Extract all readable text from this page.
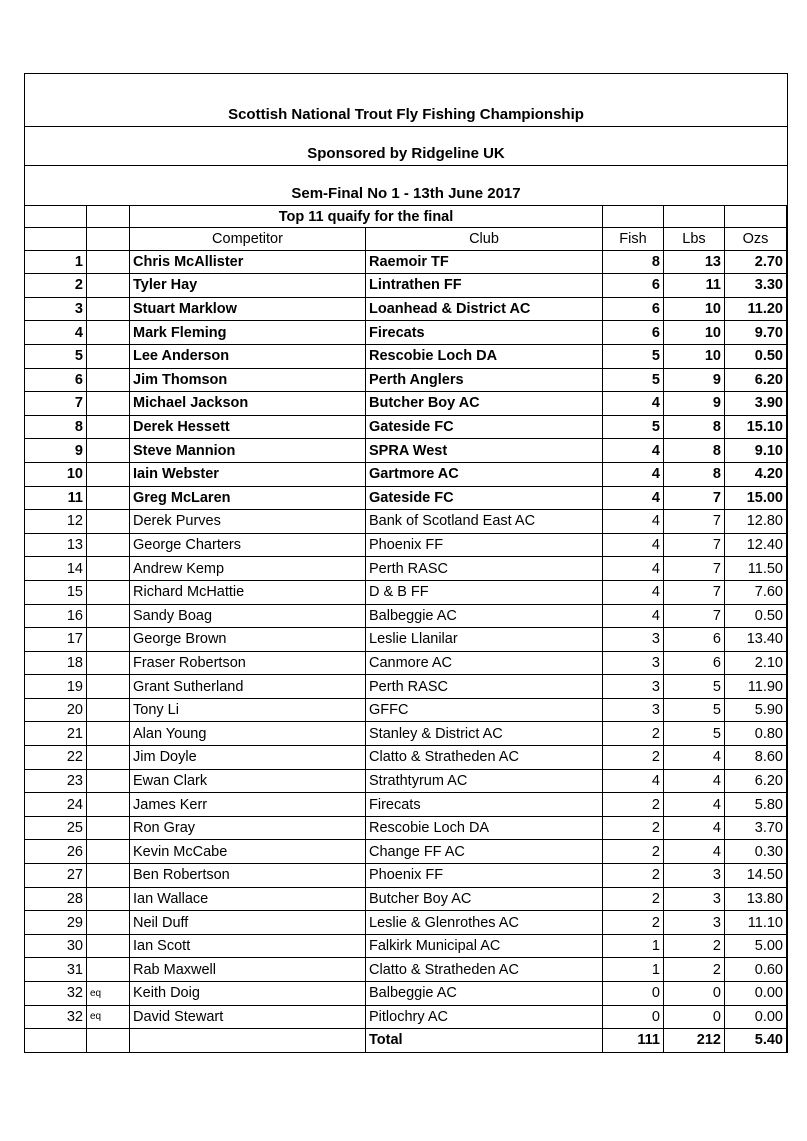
Scottish National Trout Fly Fishing Championship
Sponsored by Ridgeline UK
Sem-Final No 1 - 13th June 2017
		Top 11 quaify for the final				
		Competitor	Club	Fish	Lbs	Ozs
1		Chris McAllister	Raemoir TF	8	13	2.70
2		Tyler Hay	Lintrathen FF	6	11	3.30
3		Stuart Marklow	Loanhead & District AC	6	10	11.20
4		Mark Fleming	Firecats	6	10	9.70
5		Lee Anderson	Rescobie Loch DA	5	10	0.50
6		Jim Thomson	Perth Anglers	5	9	6.20
7		Michael Jackson	Butcher Boy AC	4	9	3.90
8		Derek Hessett	Gateside FC	5	8	15.10
9		Steve Mannion	SPRA West	4	8	9.10
10		Iain Webster	Gartmore AC	4	8	4.20
11		Greg McLaren	Gateside FC	4	7	15.00
12		Derek Purves	Bank of Scotland East AC	4	7	12.80
13		George Charters	Phoenix FF	4	7	12.40
14		Andrew Kemp	Perth RASC	4	7	11.50
15		Richard McHattie	D & B FF	4	7	7.60
16		Sandy Boag	Balbeggie AC	4	7	0.50
17		George Brown	Leslie Llanilar	3	6	13.40
18		Fraser Robertson	Canmore AC	3	6	2.10
19		Grant Sutherland	Perth RASC	3	5	11.90
20		Tony Li	GFFC	3	5	5.90
21		Alan Young	Stanley & District AC	2	5	0.80
22		Jim Doyle	Clatto & Stratheden AC	2	4	8.60
23		Ewan Clark	Strathtyrum AC	4	4	6.20
24		James Kerr	Firecats	2	4	5.80
25		Ron Gray	Rescobie Loch DA	2	4	3.70
26		Kevin McCabe	Change FF AC	2	4	0.30
27		Ben Robertson	Phoenix FF	2	3	14.50
28		Ian Wallace	Butcher Boy AC	2	3	13.80
29		Neil Duff	Leslie & Glenrothes AC	2	3	11.10
30		Ian Scott	Falkirk Municipal AC	1	2	5.00
31		Rab Maxwell	Clatto & Stratheden AC	1	2	0.60
32	eq	Keith Doig	Balbeggie AC	0	0	0.00
32	eq	David Stewart	Pitlochry AC	0	0	0.00
			Total	111	212	5.40
